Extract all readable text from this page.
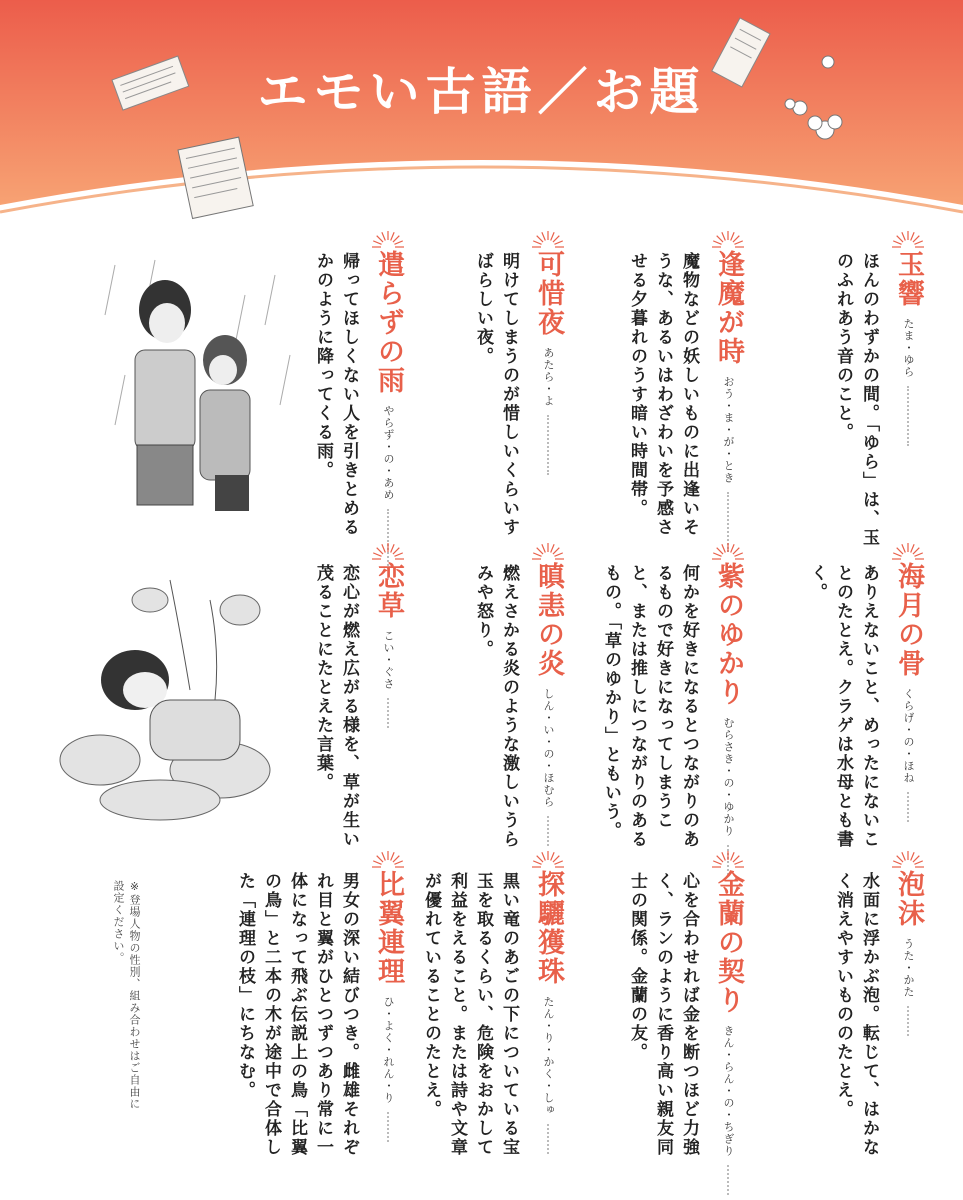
エモい古語／お題
玉響
たま・ゆら
ほんのわずかの間。「ゆら」は、玉のふれあう音のこと。
逢魔が時
おう・ま・が・とき
魔物などの妖しいものに出逢いそうな、あるいはわざわいを予感させる夕暮れのうす暗い時間帯。
可惜夜
あたら・よ
明けてしまうのが惜しいくらいすばらしい夜。
遣らずの雨
やらず・の・あめ
帰ってほしくない人を引きとめるかのように降ってくる雨。
海月の骨
くらげ・の・ほね
ありえないこと、めったにないことのたとえ。クラゲは水母とも書く。
紫のゆかり
むらさき・の・ゆかり
何かを好きになるとつながりのあるもので好きになってしまうこと、または推しにつながりのあるもの。「草のゆかり」ともいう。
瞋恚の炎
しん・い・の・ほむら
燃えさかる炎のような激しいうらみや怒り。
恋草
こい・ぐさ
恋心が燃え広がる様を、草が生い茂ることにたとえた言葉。
泡沫
うた・かた
水面に浮かぶ泡。転じて、はかなく消えやすいもののたとえ。
金蘭の契り
きん・らん・の・ちぎり
心を合わせれば金を断つほど力強く、ランのように香り高い親友同士の関係。金蘭の友。
探驪獲珠
たん・り・かく・しゅ
黒い竜のあごの下についている宝玉を取るくらい、危険をおかして利益をえること。または詩や文章が優れていることのたとえ。
比翼連理
ひ・よく・れん・り
男女の深い結びつき。雌雄それぞれ目と翼がひとつずつあり常に一体になって飛ぶ伝説上の鳥「比翼の鳥」と二本の木が途中で合体した「連理の枝」にちなむ。
※登場人物の性別、組み合わせはご自由に設定ください。
